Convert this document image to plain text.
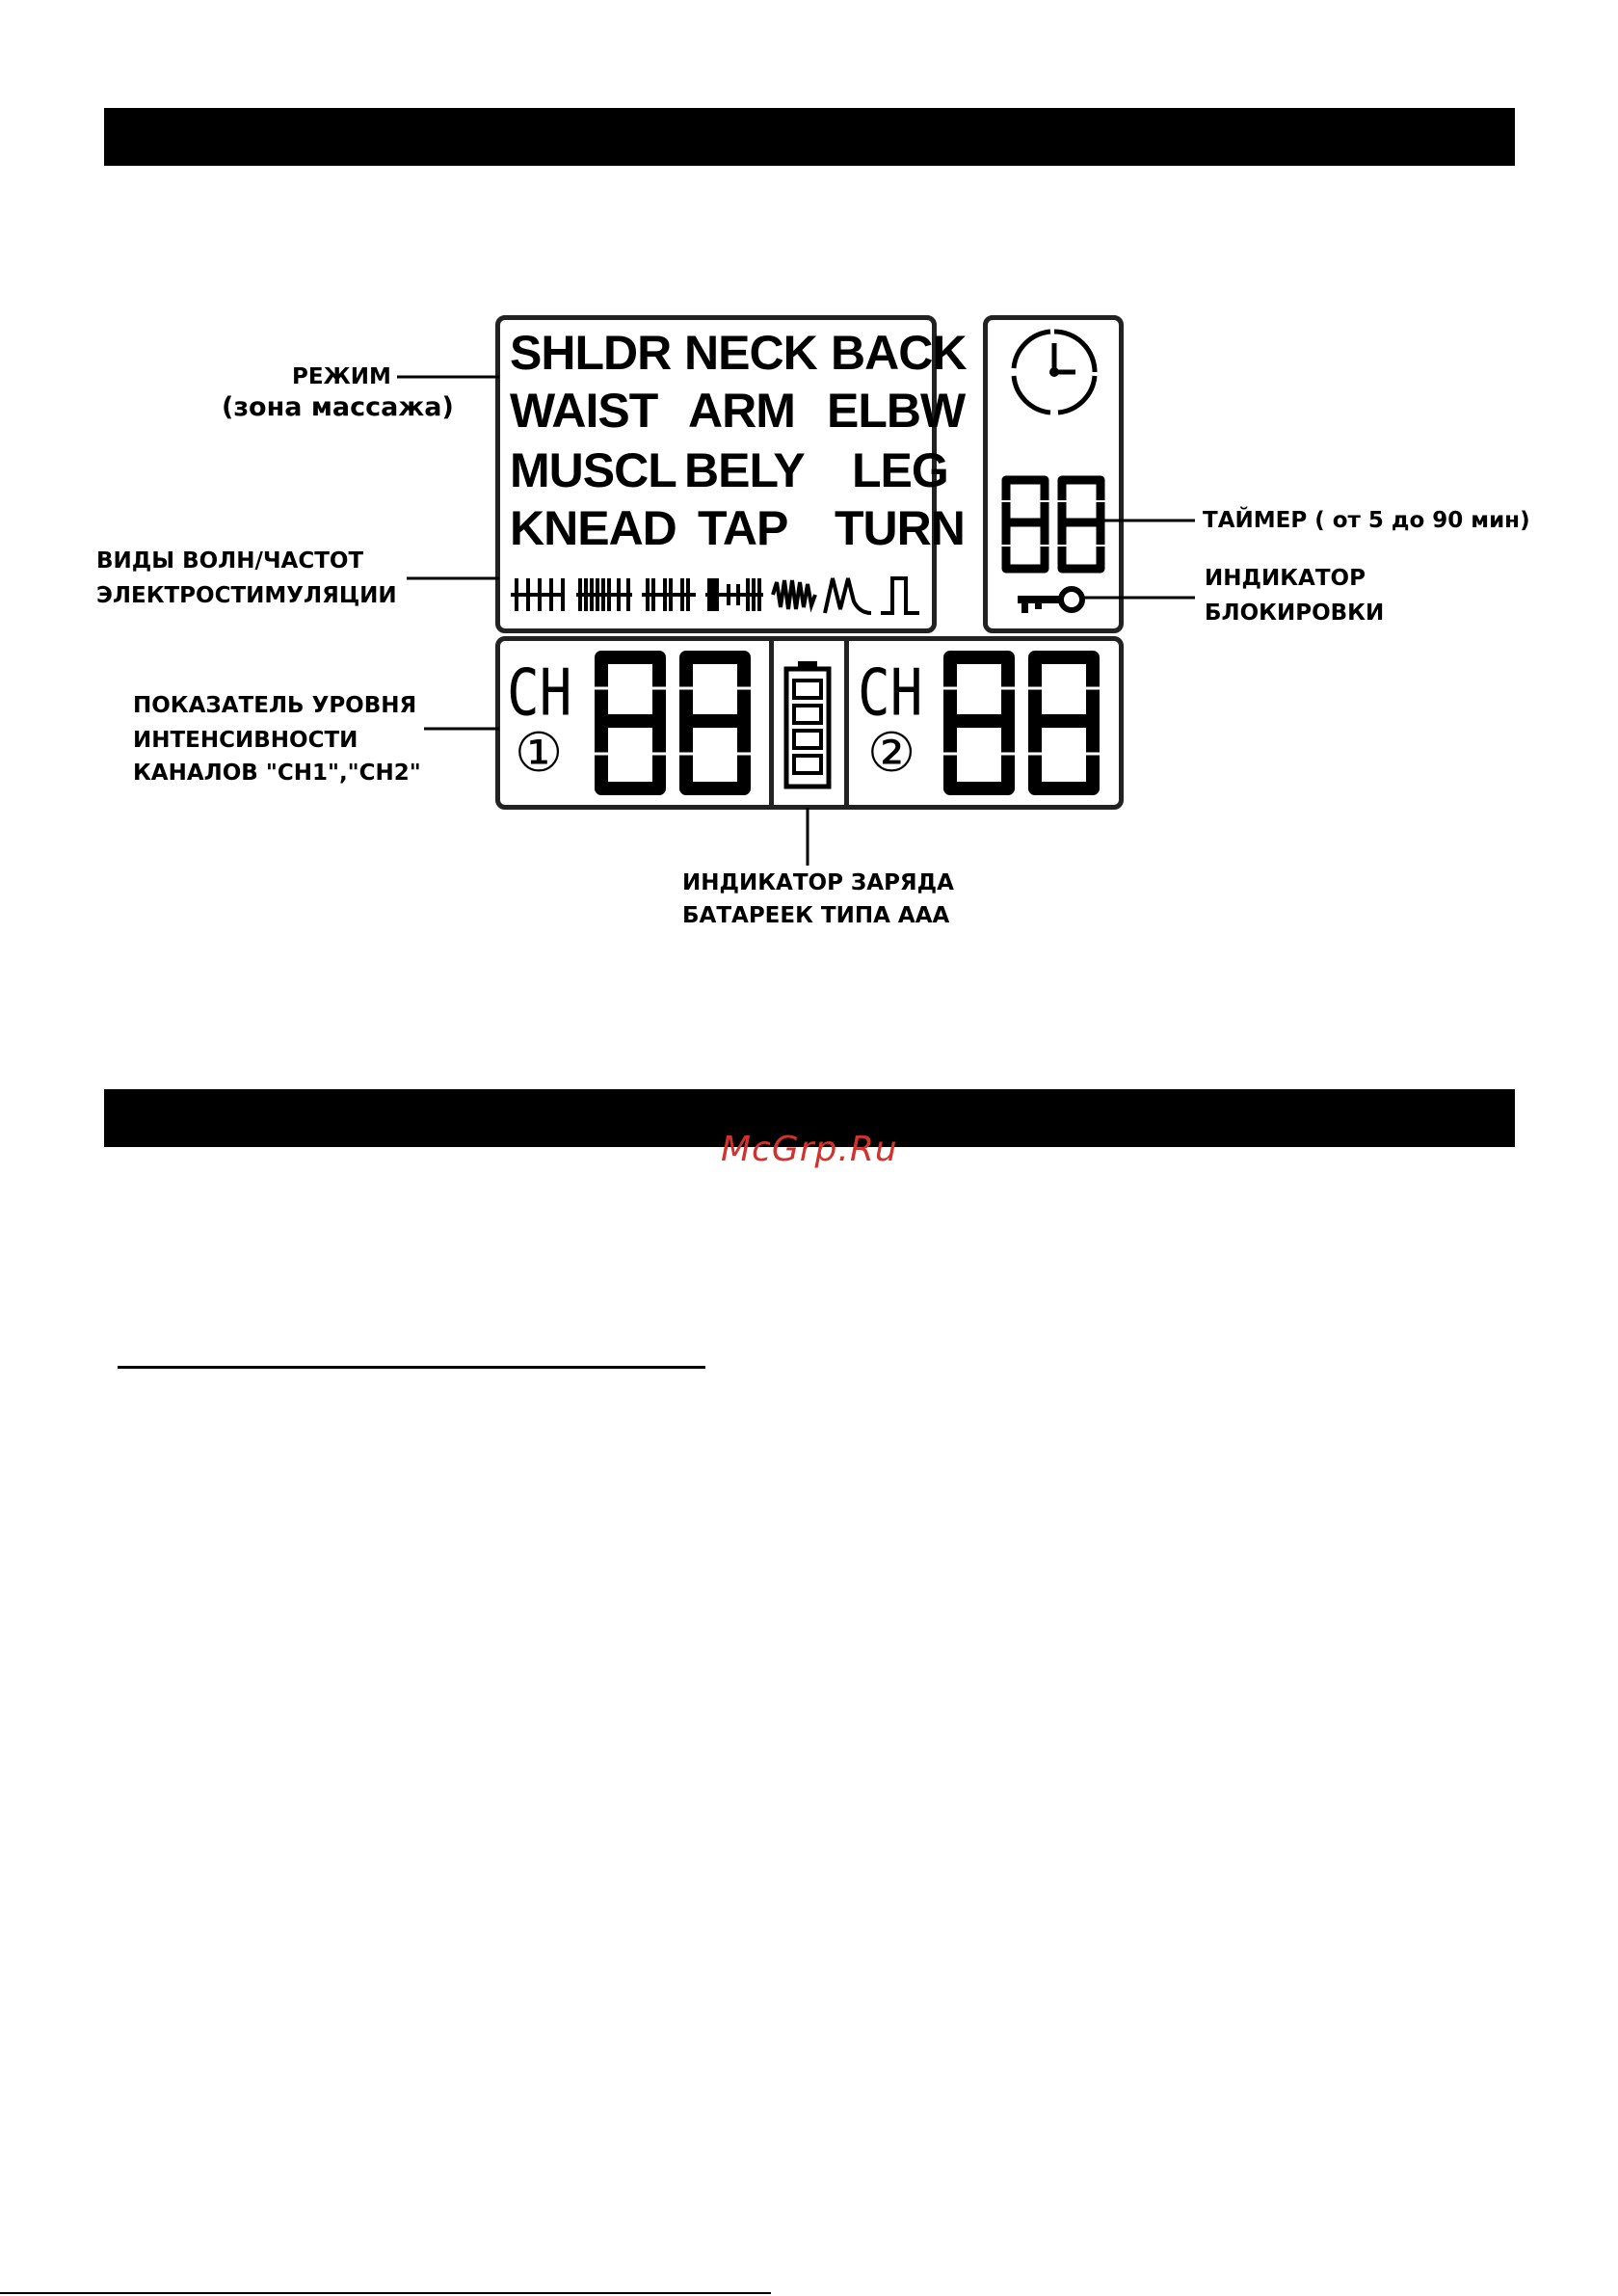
SHLDR NECK BACK
WAIST ARM ELBW
MUSCL BELY LEG
KNEAD TAP TURN
CH
①
CH
②
РЕЖИМ
(зона массажа)
ВИДЫ ВОЛН/ЧАСТОТ
ЭЛЕКТРОСТИМУЛЯЦИИ
ПОКАЗАТЕЛЬ УРОВНЯ
ИНТЕНСИВНОСТИ
КАНАЛОВ "CH1","CH2"
ТАЙМЕР ( от 5 до 90 мин)
ИНДИКАТОР
БЛОКИРОВКИ
ИНДИКАТОР ЗАРЯДА
БАТАРЕЕК ТИПА ААА
McGrp.Ru
